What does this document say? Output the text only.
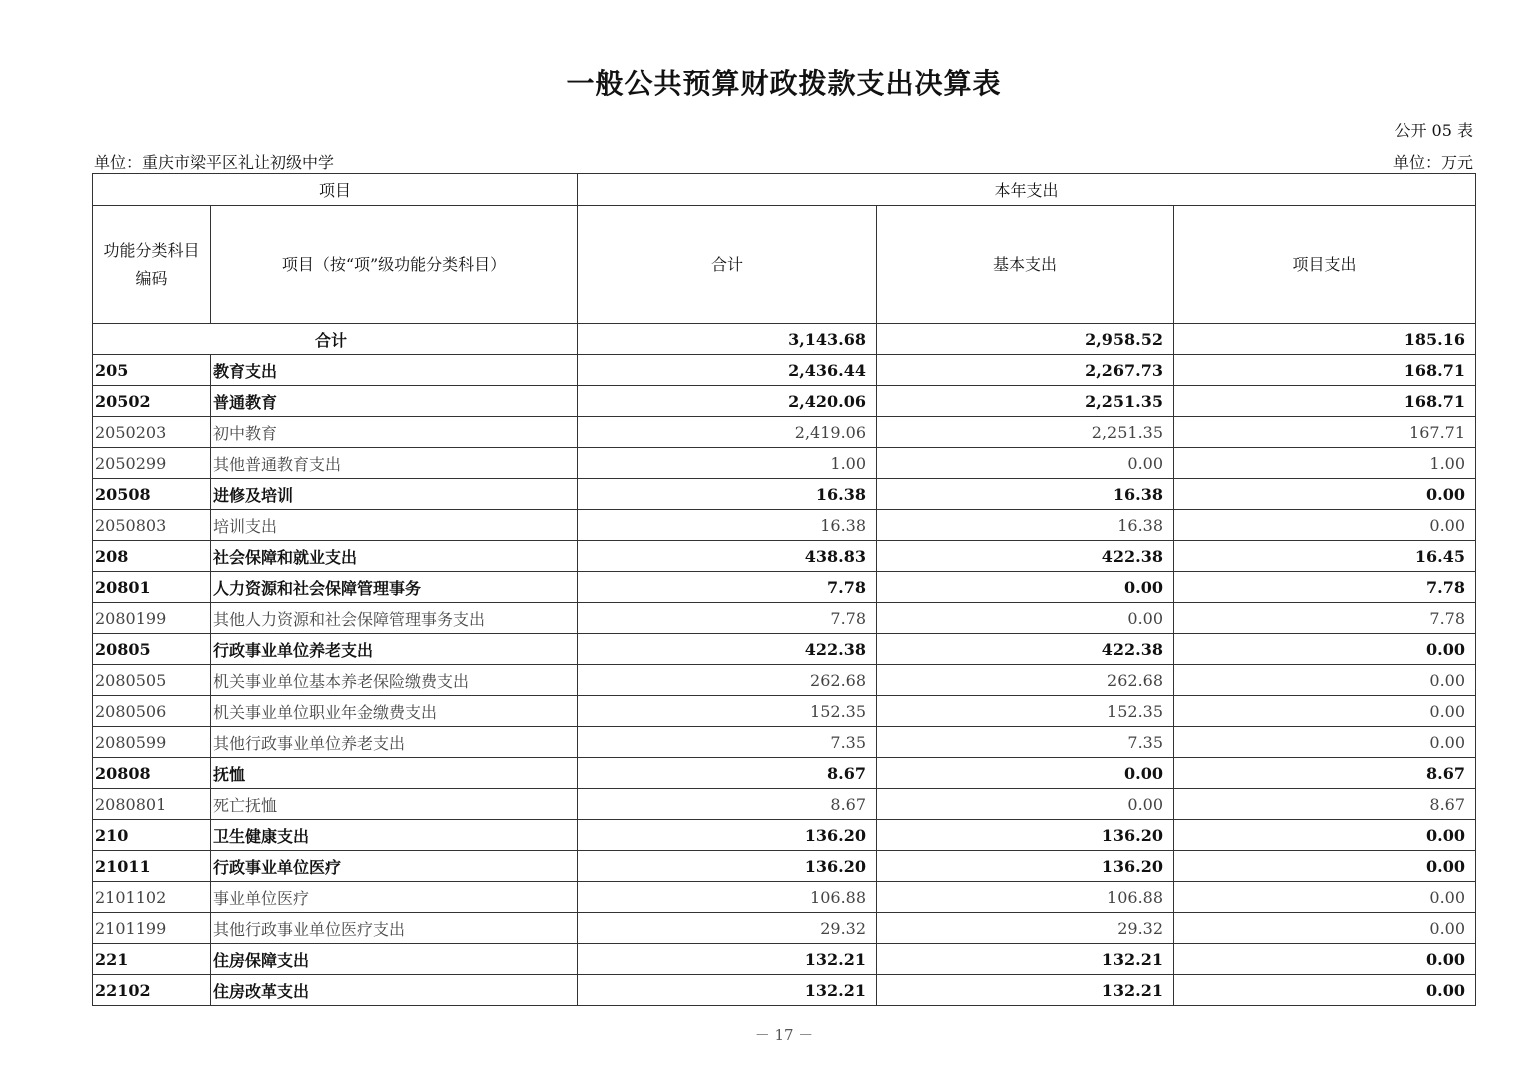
一般公共预算财政拨款支出决算表
公开 05 表
单位：重庆市梁平区礼让初级中学	单位：万元
项目		本年支出		
功能分类科目编码	项目（按“项”级功能分类科目）	合计	基本支出	项目支出
合计		3,143.68	2,958.52	185.16
205	教育支出	2,436.44	2,267.73	168.71
20502	普通教育	2,420.06	2,251.35	168.71
2050203	初中教育	2,419.06	2,251.35	167.71
2050299	其他普通教育支出	1.00	0.00	1.00
20508	进修及培训	16.38	16.38	0.00
2050803	培训支出	16.38	16.38	0.00
208	社会保障和就业支出	438.83	422.38	16.45
20801	人力资源和社会保障管理事务	7.78	0.00	7.78
2080199	其他人力资源和社会保障管理事务支出	7.78	0.00	7.78
20805	行政事业单位养老支出	422.38	422.38	0.00
2080505	机关事业单位基本养老保险缴费支出	262.68	262.68	0.00
2080506	机关事业单位职业年金缴费支出	152.35	152.35	0.00
2080599	其他行政事业单位养老支出	7.35	7.35	0.00
20808	抚恤	8.67	0.00	8.67
2080801	死亡抚恤	8.67	0.00	8.67
210	卫生健康支出	136.20	136.20	0.00
21011	行政事业单位医疗	136.20	136.20	0.00
2101102	事业单位医疗	106.88	106.88	0.00
2101199	其他行政事业单位医疗支出	29.32	29.32	0.00
221	住房保障支出	132.21	132.21	0.00
22102	住房改革支出	132.21	132.21	0.00
－ 17 －
